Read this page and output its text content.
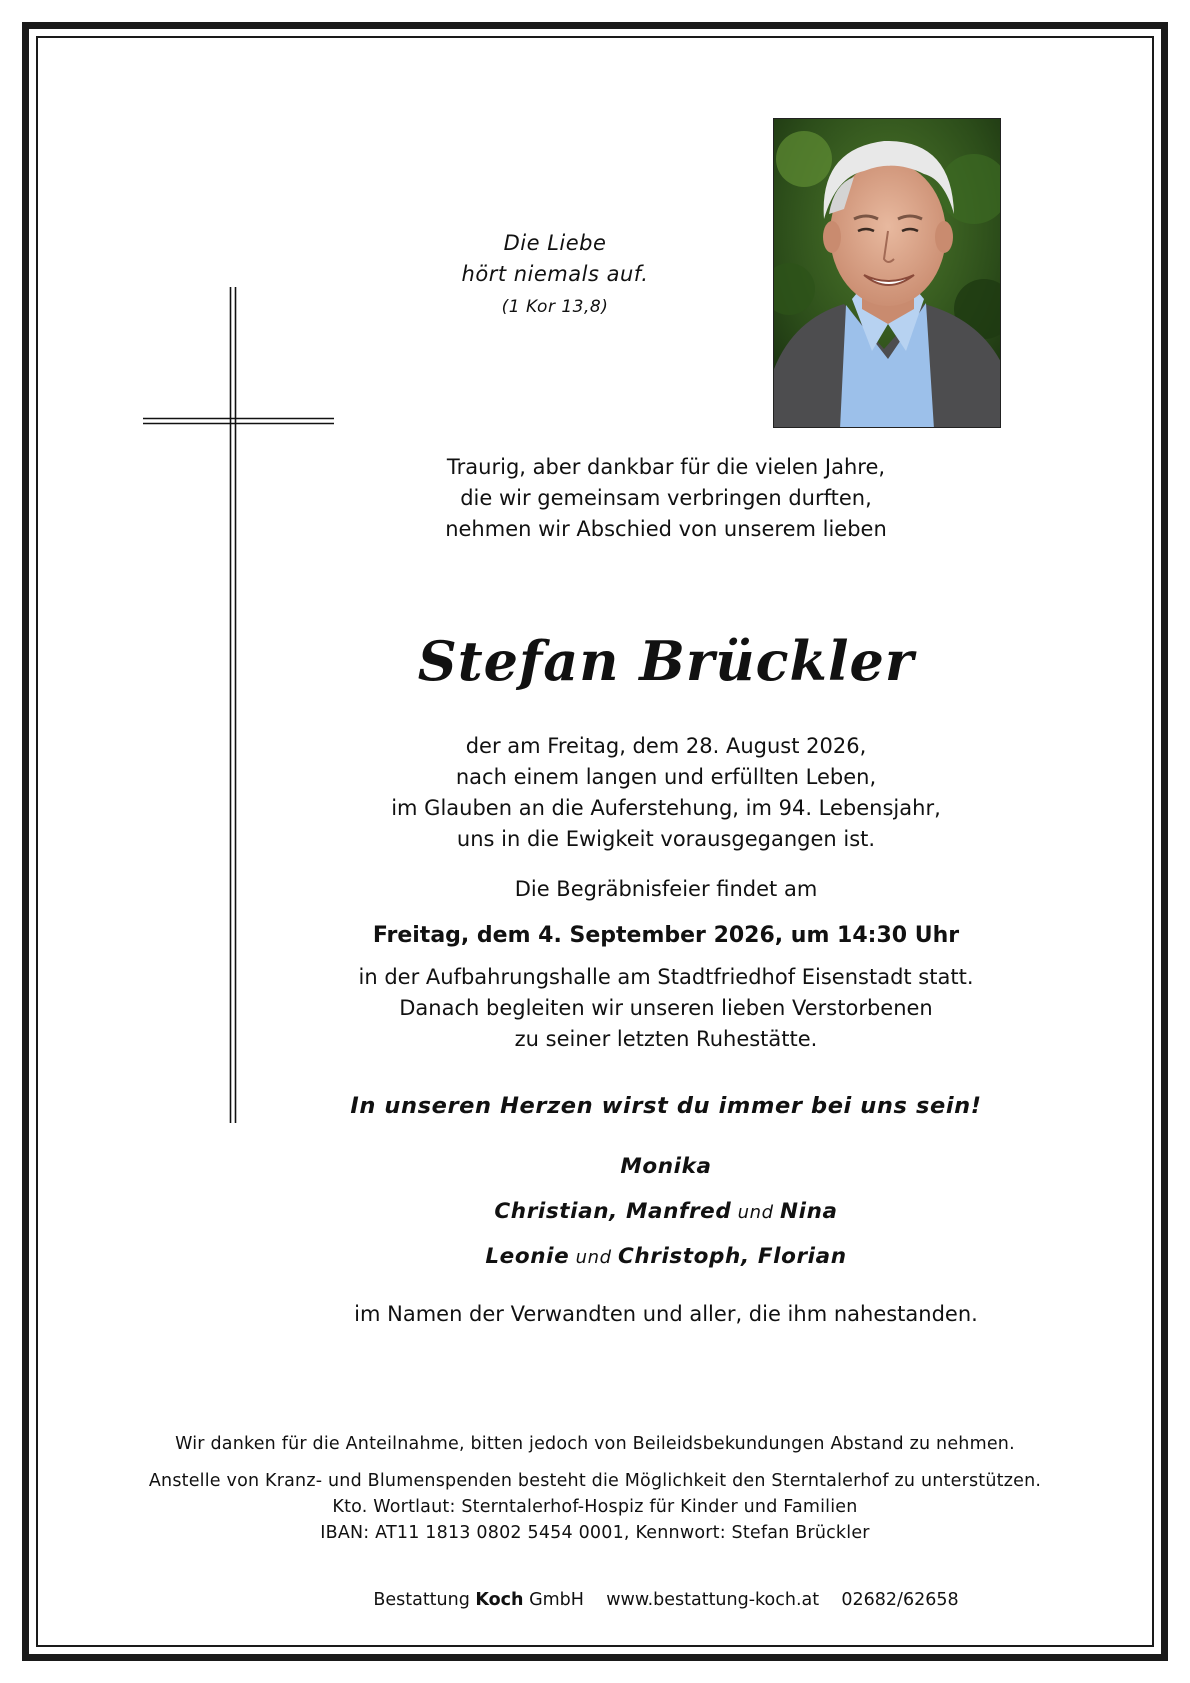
Die Liebe
hört niemals auf.
(1 Kor 13,8)
Traurig, aber dankbar für die vielen Jahre,
die wir gemeinsam verbringen durften,
nehmen wir Abschied von unserem lieben
Stefan Brückler
der am Freitag, dem 28. August 2026,
nach einem langen und erfüllten Leben,
im Glauben an die Auferstehung, im 94. Lebensjahr,
uns in die Ewigkeit vorausgegangen ist.
Die Begräbnisfeier findet am
Freitag, dem 4. September 2026, um 14:30 Uhr
in der Aufbahrungshalle am Stadtfriedhof Eisenstadt statt.
Danach begleiten wir unseren lieben Verstorbenen
zu seiner letzten Ruhestätte.
In unseren Herzen wirst du immer bei uns sein!
Monika
Christian, Manfred und Nina
Leonie und Christoph, Florian
im Namen der Verwandten und aller, die ihm nahestanden.
Wir danken für die Anteilnahme, bitten jedoch von Beileidsbekundungen Abstand zu nehmen.
Anstelle von Kranz- und Blumenspenden besteht die Möglichkeit den Sterntalerhof zu unterstützen.
Kto. Wortlaut: Sterntalerhof-Hospiz für Kinder und Familien
IBAN: AT11 1813 0802 5454 0001, Kennwort: Stefan Brückler
Bestattung Koch GmbH www.bestattung-koch.at 02682/62658
